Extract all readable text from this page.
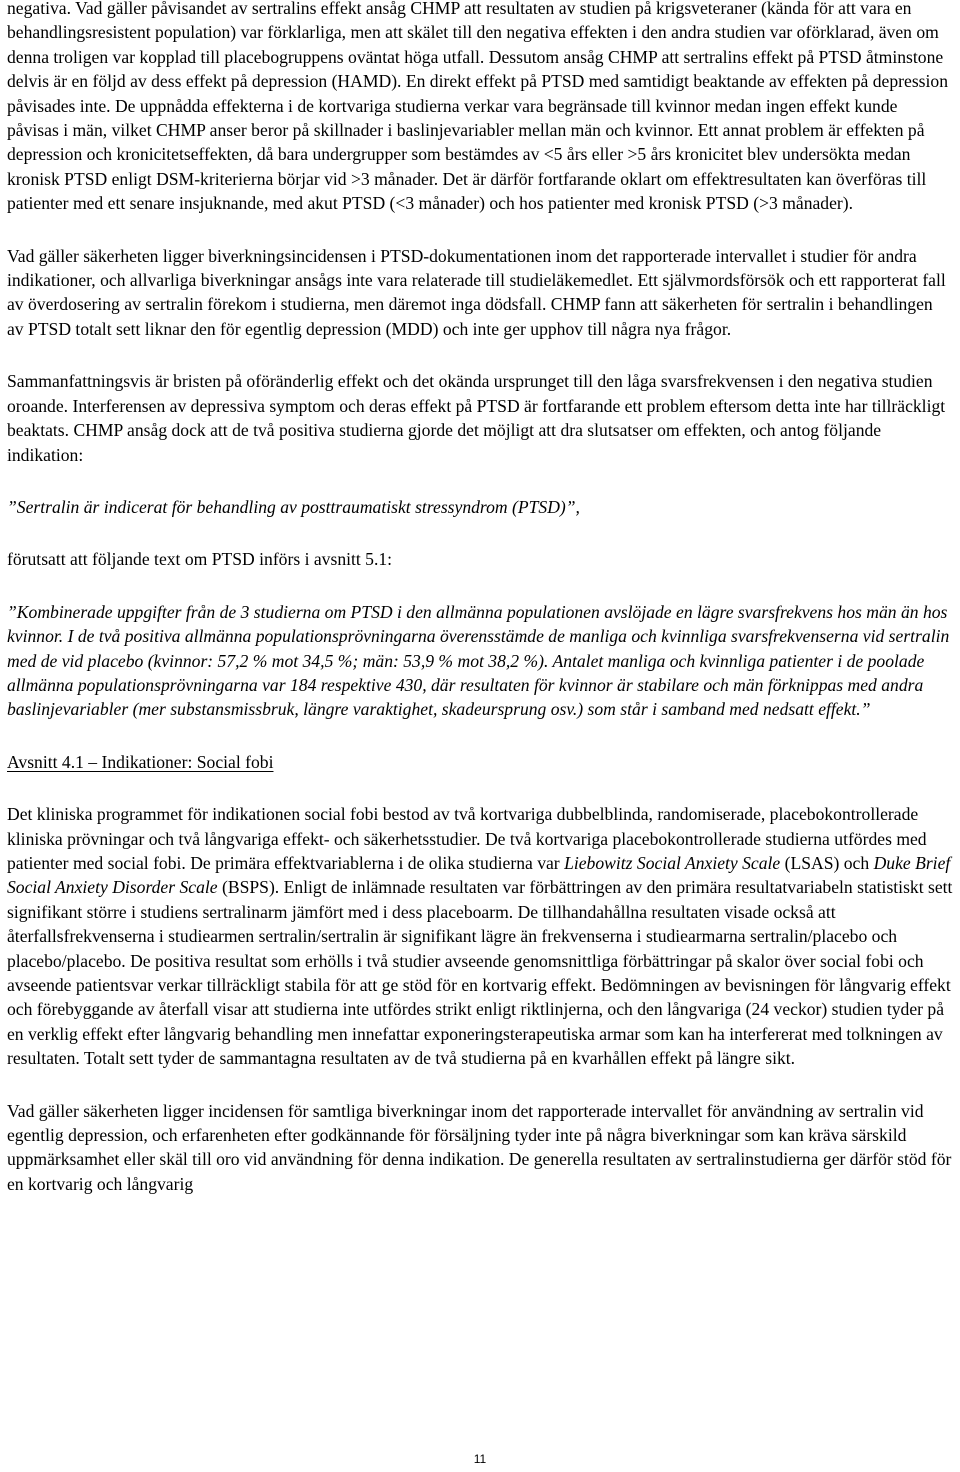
negativa. Vad gäller påvisandet av sertralins effekt ansåg CHMP att resultaten av studien på krigsveteraner (kända för att vara en behandlingsresistent population) var förklarliga, men att skälet till den negativa effekten i den andra studien var oförklarad, även om denna troligen var kopplad till placebogruppens oväntat höga utfall. Dessutom ansåg CHMP att sertralins effekt på PTSD åtminstone delvis är en följd av dess effekt på depression (HAMD). En direkt effekt på PTSD med samtidigt beaktande av effekten på depression påvisades inte. De uppnådda effekterna i de kortvariga studierna verkar vara begränsade till kvinnor medan ingen effekt kunde påvisas i män, vilket CHMP anser beror på skillnader i baslinjevariabler mellan män och kvinnor. Ett annat problem är effekten på depression och kronicitetseffekten, då bara undergrupper som bestämdes av <5 års eller >5 års kronicitet blev undersökta medan kronisk PTSD enligt DSM-kriterierna börjar vid >3 månader. Det är därför fortfarande oklart om effektresultaten kan överföras till patienter med ett senare insjuknande, med akut PTSD (<3 månader) och hos patienter med kronisk PTSD (>3 månader).

Vad gäller säkerheten ligger biverkningsincidensen i PTSD-dokumentationen inom det rapporterade intervallet i studier för andra indikationer, och allvarliga biverkningar ansågs inte vara relaterade till studieläkemedlet. Ett självmordsförsök och ett rapporterat fall av överdosering av sertralin förekom i studierna, men däremot inga dödsfall. CHMP fann att säkerheten för sertralin i behandlingen av PTSD totalt sett liknar den för egentlig depression (MDD) och inte ger upphov till några nya frågor.

Sammanfattningsvis är bristen på oföränderlig effekt och det okända ursprunget till den låga svarsfrekvensen i den negativa studien oroande. Interferensen av depressiva symptom och deras effekt på PTSD är fortfarande ett problem eftersom detta inte har tillräckligt beaktats. CHMP ansåg dock att de två positiva studierna gjorde det möjligt att dra slutsatser om effekten, och antog följande indikation:

”Sertralin är indicerat för behandling av posttraumatiskt stressyndrom (PTSD)”,

förutsatt att följande text om PTSD införs i avsnitt 5.1:

”Kombinerade uppgifter från de 3 studierna om PTSD i den allmänna populationen avslöjade en lägre svarsfrekvens hos män än hos kvinnor. I de två positiva allmänna populationsprövningarna överensstämde de manliga och kvinnliga svarsfrekvenserna vid sertralin med de vid placebo (kvinnor: 57,2 % mot 34,5 %; män: 53,9 % mot 38,2 %). Antalet manliga och kvinnliga patienter i de poolade allmänna populationsprövningarna var 184 respektive 430, där resultaten för kvinnor är stabilare och män förknippas med andra baslinjevariabler (mer substansmissbruk, längre varaktighet, skadeursprung osv.) som står i samband med nedsatt effekt.”

Avsnitt 4.1 – Indikationer: Social fobi

Det kliniska programmet för indikationen social fobi bestod av två kortvariga dubbelblinda, randomiserade, placebokontrollerade kliniska prövningar och två långvariga effekt- och säkerhetsstudier. De två kortvariga placebokontrollerade studierna utfördes med patienter med social fobi. De primära effektvariablerna i de olika studierna var Liebowitz Social Anxiety Scale (LSAS) och Duke Brief Social Anxiety Disorder Scale (BSPS). Enligt de inlämnade resultaten var förbättringen av den primära resultatvariabeln statistiskt sett signifikant större i studiens sertralinarm jämfört med i dess placeboarm. De tillhandahållna resultaten visade också att återfallsfrekvenserna i studiearmen sertralin/sertralin är signifikant lägre än frekvenserna i studiearmarna sertralin/placebo och placebo/placebo. De positiva resultat som erhölls i två studier avseende genomsnittliga förbättringar på skalor över social fobi och avseende patientsvar verkar tillräckligt stabila för att ge stöd för en kortvarig effekt. Bedömningen av bevisningen för långvarig effekt och förebyggande av återfall visar att studierna inte utfördes strikt enligt riktlinjerna, och den långvariga (24 veckor) studien tyder på en verklig effekt efter långvarig behandling men innefattar exponeringsterapeutiska armar som kan ha interfererat med tolkningen av resultaten. Totalt sett tyder de sammantagna resultaten av de två studierna på en kvarhållen effekt på längre sikt.

Vad gäller säkerheten ligger incidensen för samtliga biverkningar inom det rapporterade intervallet för användning av sertralin vid egentlig depression, och erfarenheten efter godkännande för försäljning tyder inte på några biverkningar som kan kräva särskild uppmärksamhet eller skäl till oro vid användning för denna indikation. De generella resultaten av sertralinstudierna ger därför stöd för en kortvarig och långvarig

11
